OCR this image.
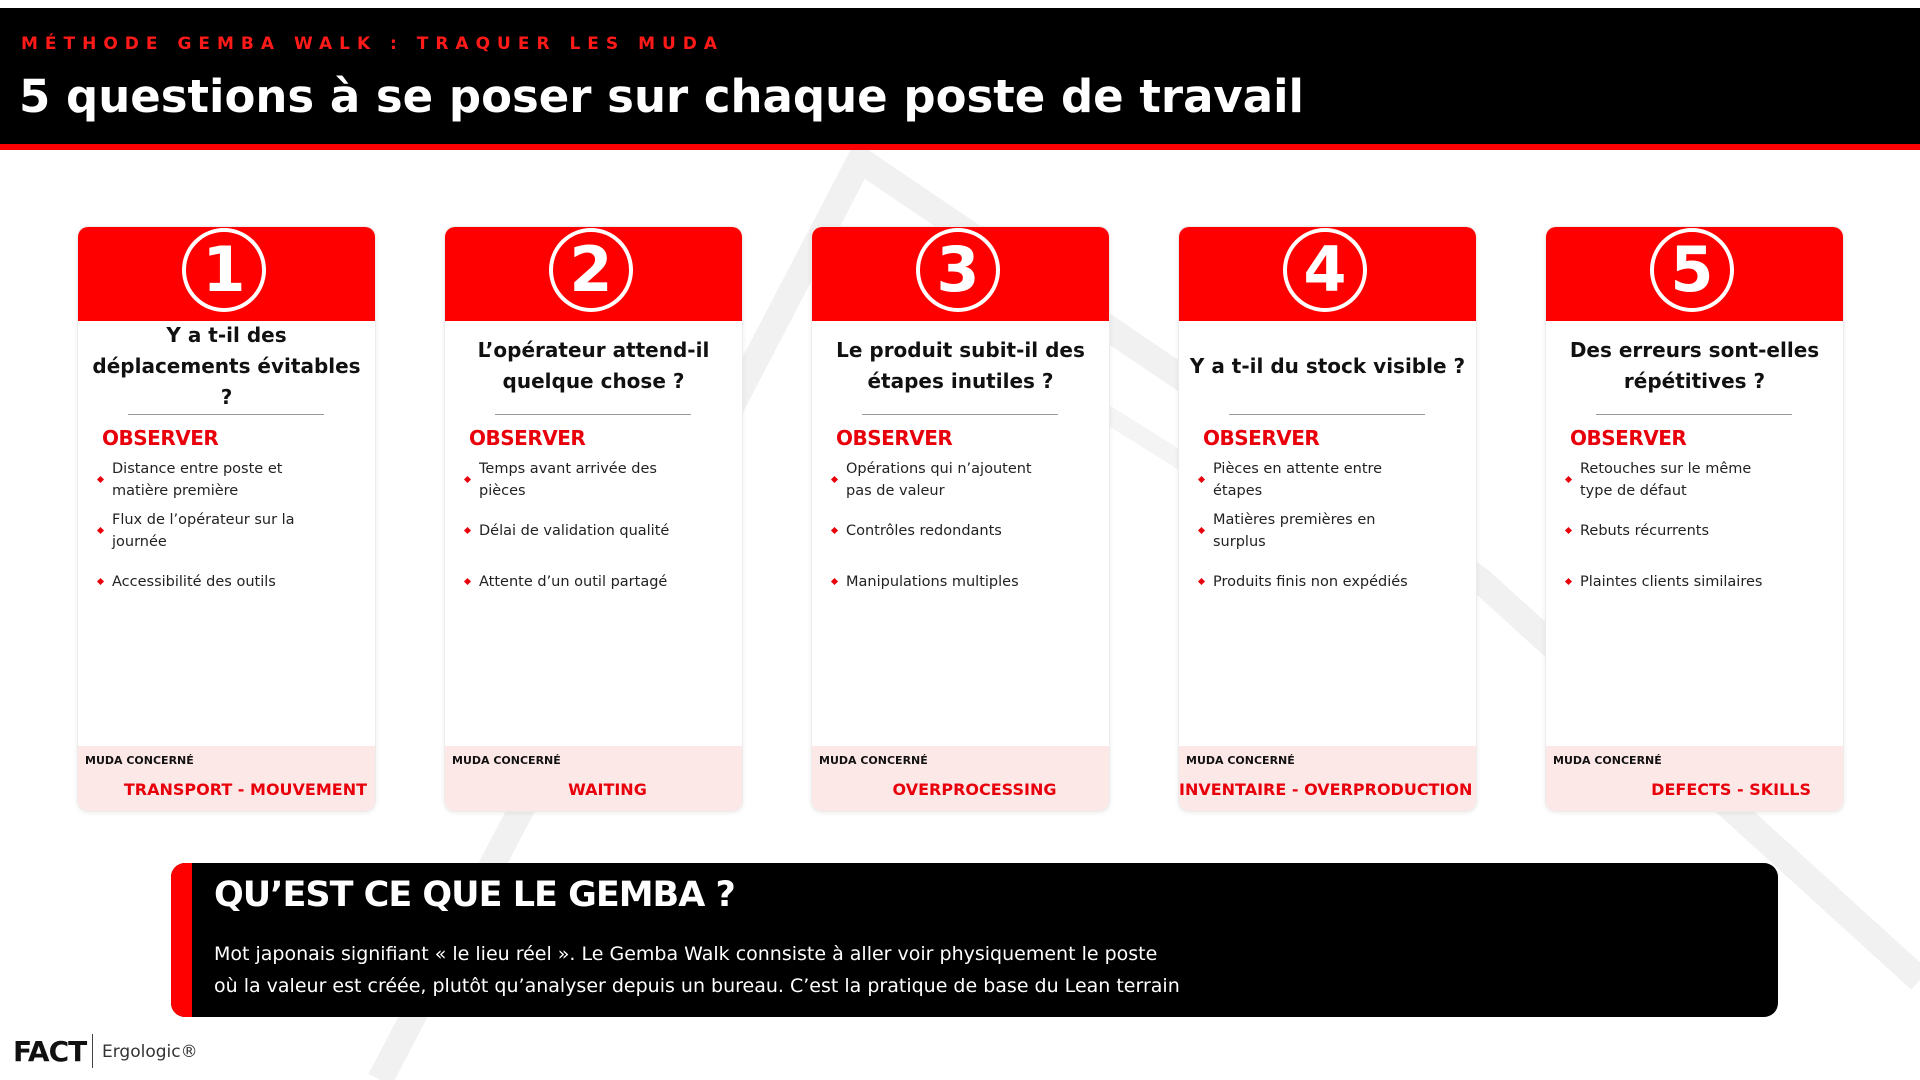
MÉTHODE GEMBA WALK : TRAQUER LES MUDA
5 questions à se poser sur chaque poste de travail
1
Y a t-il des déplacements évitables ?
OBSERVER
Distance entre poste et matière première
Flux de l’opérateur sur la journée
Accessibilité des outils
MUDA CONCERNÉ
TRANSPORT - MOUVEMENT
2
L’opérateur attend-il quelque chose ?
OBSERVER
Temps avant arrivée des pièces
Délai de validation qualité
Attente d’un outil partagé
MUDA CONCERNÉ
WAITING
3
Le produit subit-il des étapes inutiles ?
OBSERVER
Opérations qui n’ajoutent pas de valeur
Contrôles redondants
Manipulations multiples
MUDA CONCERNÉ
OVERPROCESSING
4
Y a t-il du stock visible ?
OBSERVER
Pièces en attente entre étapes
Matières premières en surplus
Produits finis non expédiés
MUDA CONCERNÉ
INVENTAIRE - OVERPRODUCTION
5
Des erreurs sont-elles répétitives ?
OBSERVER
Retouches sur le même type de défaut
Rebuts récurrents
Plaintes clients similaires
MUDA CONCERNÉ
DEFECTS - SKILLS
QU’EST CE QUE LE GEMBA ?
Mot japonais signifiant « le lieu réel ». Le Gemba Walk connsiste à aller voir physiquement le poste
où la valeur est créée, plutôt qu’analyser depuis un bureau. C’est la pratique de base du Lean terrain
FACT Ergologic®
